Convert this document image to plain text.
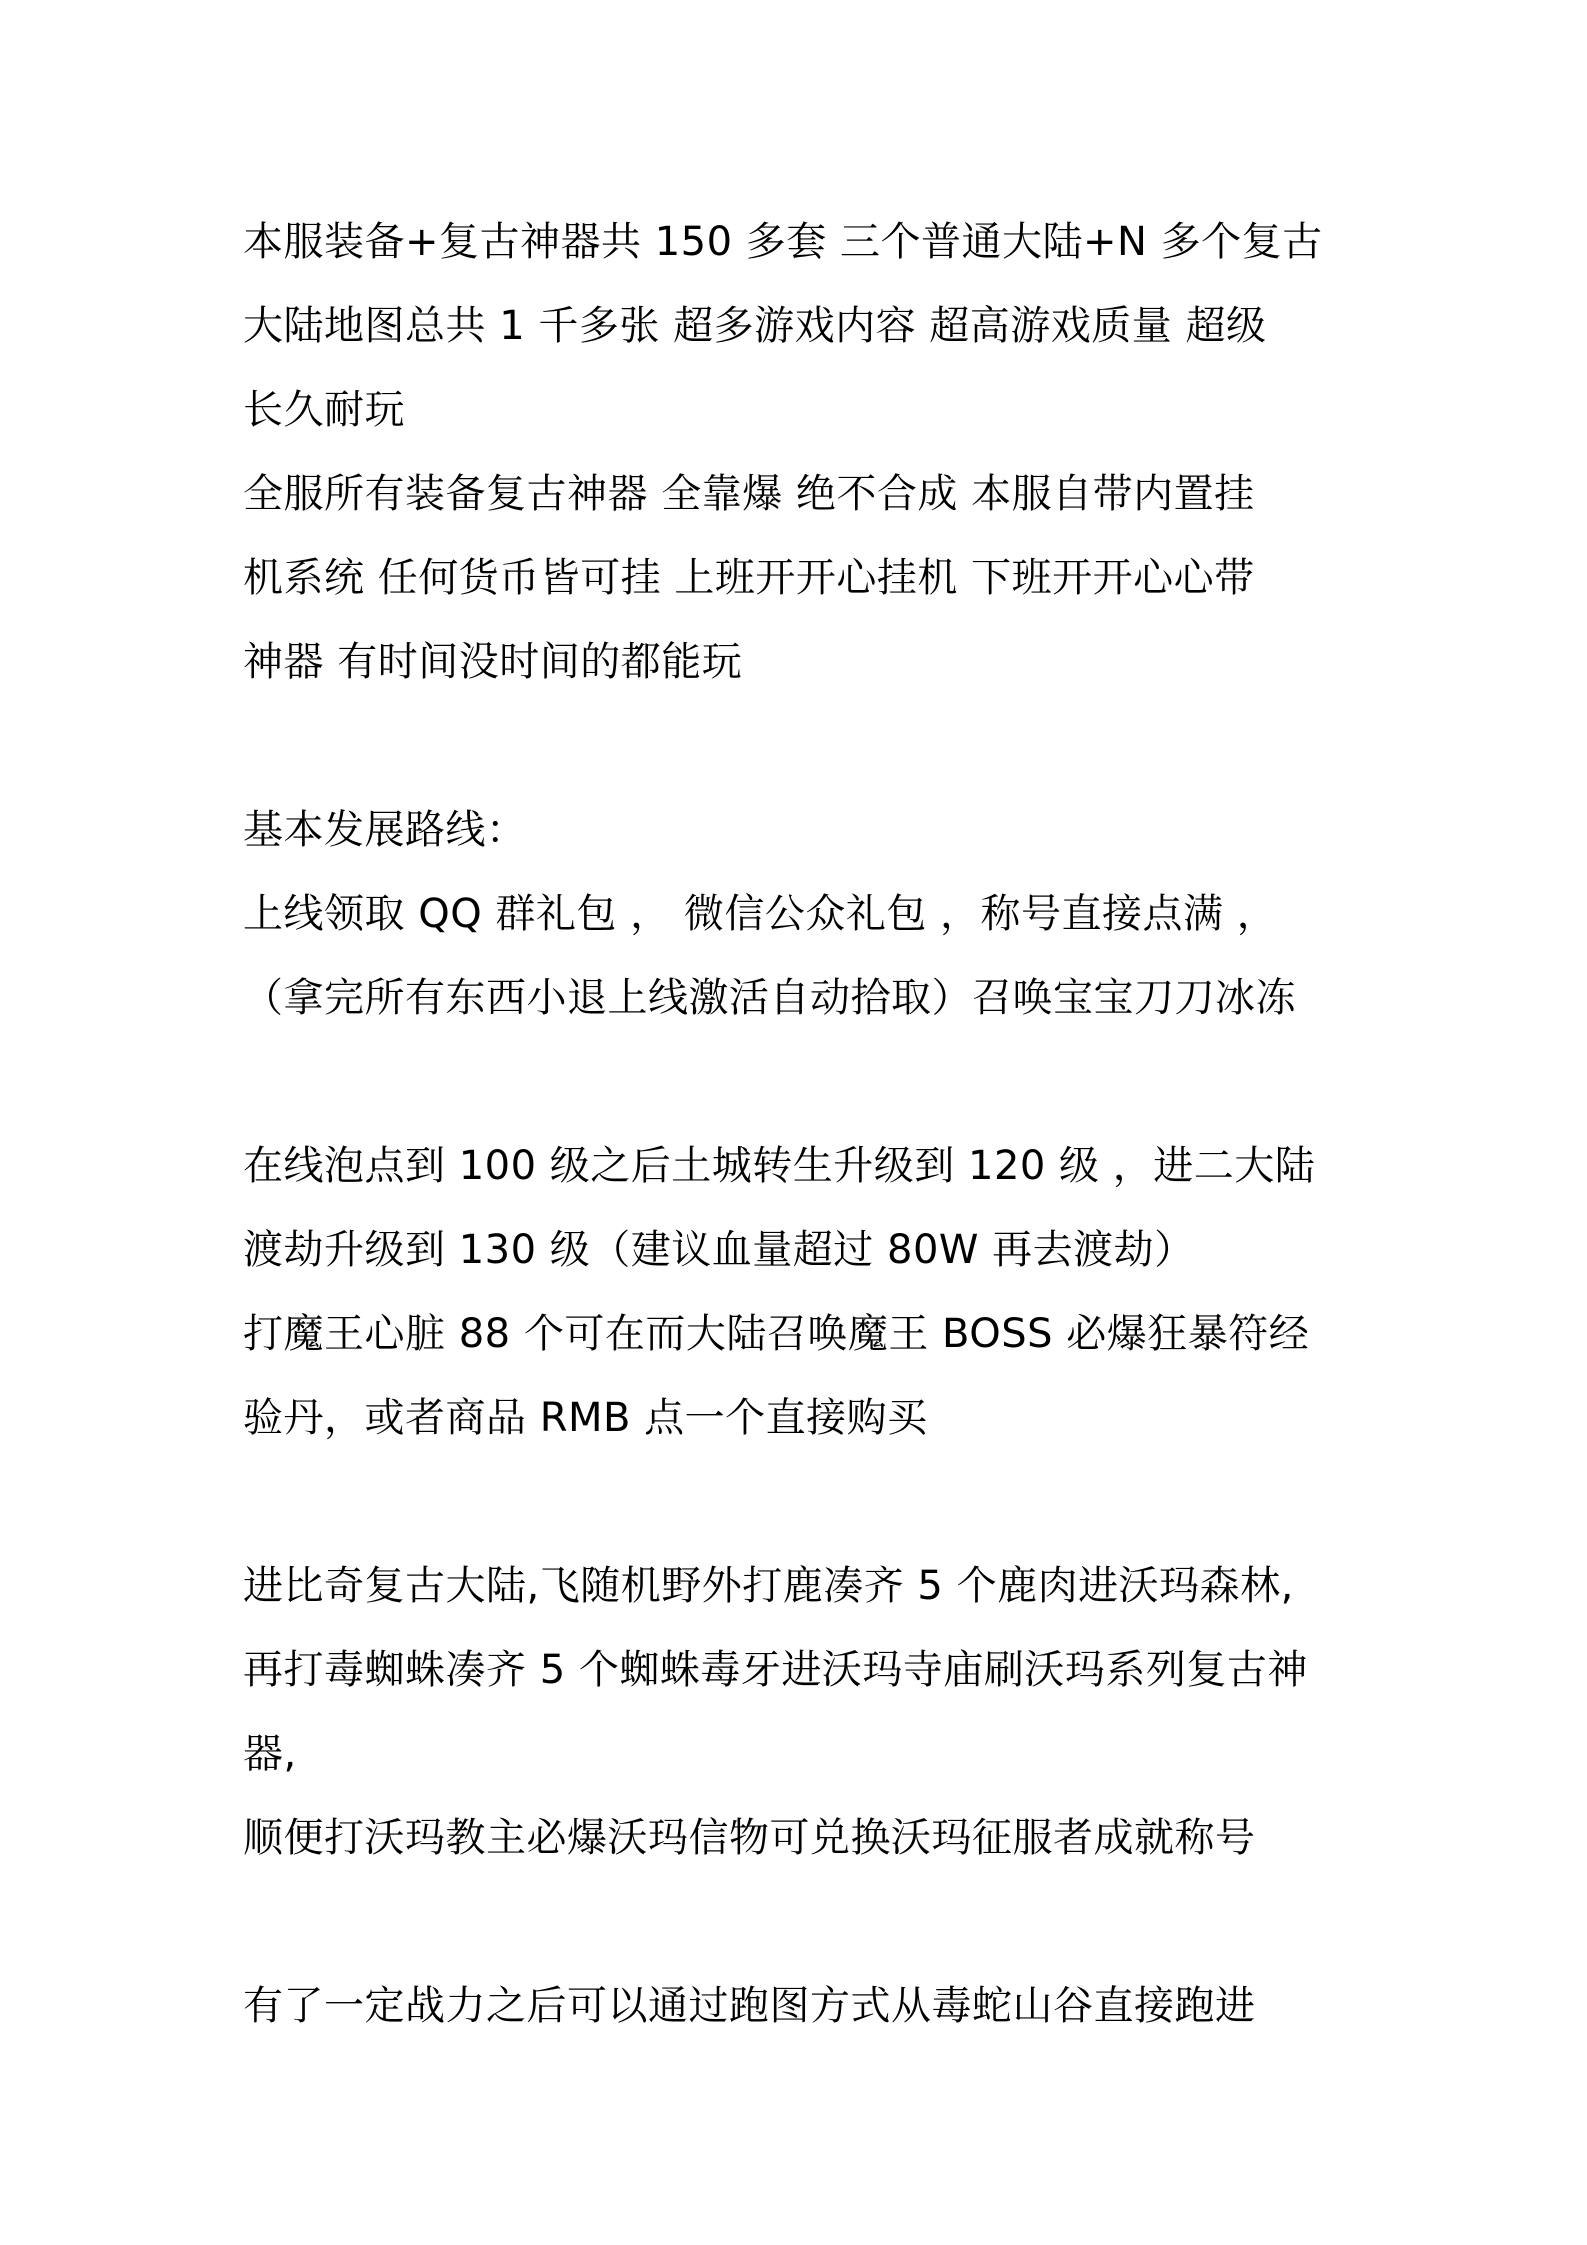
本服装备+复古神器共 150 多套 三个普通大陆+N 多个复古
大陆地图总共 1 千多张 超多游戏内容 超高游戏质量 超级
长久耐玩
全服所有装备复古神器 全靠爆 绝不合成 本服自带内置挂
机系统 任何货币皆可挂 上班开开心挂机 下班开开心心带
神器 有时间没时间的都能玩
基本发展路线：
上线领取 QQ 群礼包 ， 微信公众礼包 ，称号直接点满 ，
（拿完所有东西小退上线激活自动拾取）召唤宝宝刀刀冰冻
在线泡点到 100 级之后土城转生升级到 120 级 ，进二大陆
渡劫升级到 130 级（建议血量超过 80W 再去渡劫）
打魔王心脏 88 个可在而大陆召唤魔王 BOSS 必爆狂暴符经
验丹，或者商品 RMB 点一个直接购买
进比奇复古大陆,飞随机野外打鹿凑齐 5 个鹿肉进沃玛森林,
再打毒蜘蛛凑齐 5 个蜘蛛毒牙进沃玛寺庙刷沃玛系列复古神
器,
顺便打沃玛教主必爆沃玛信物可兑换沃玛征服者成就称号
有了一定战力之后可以通过跑图方式从毒蛇山谷直接跑进
